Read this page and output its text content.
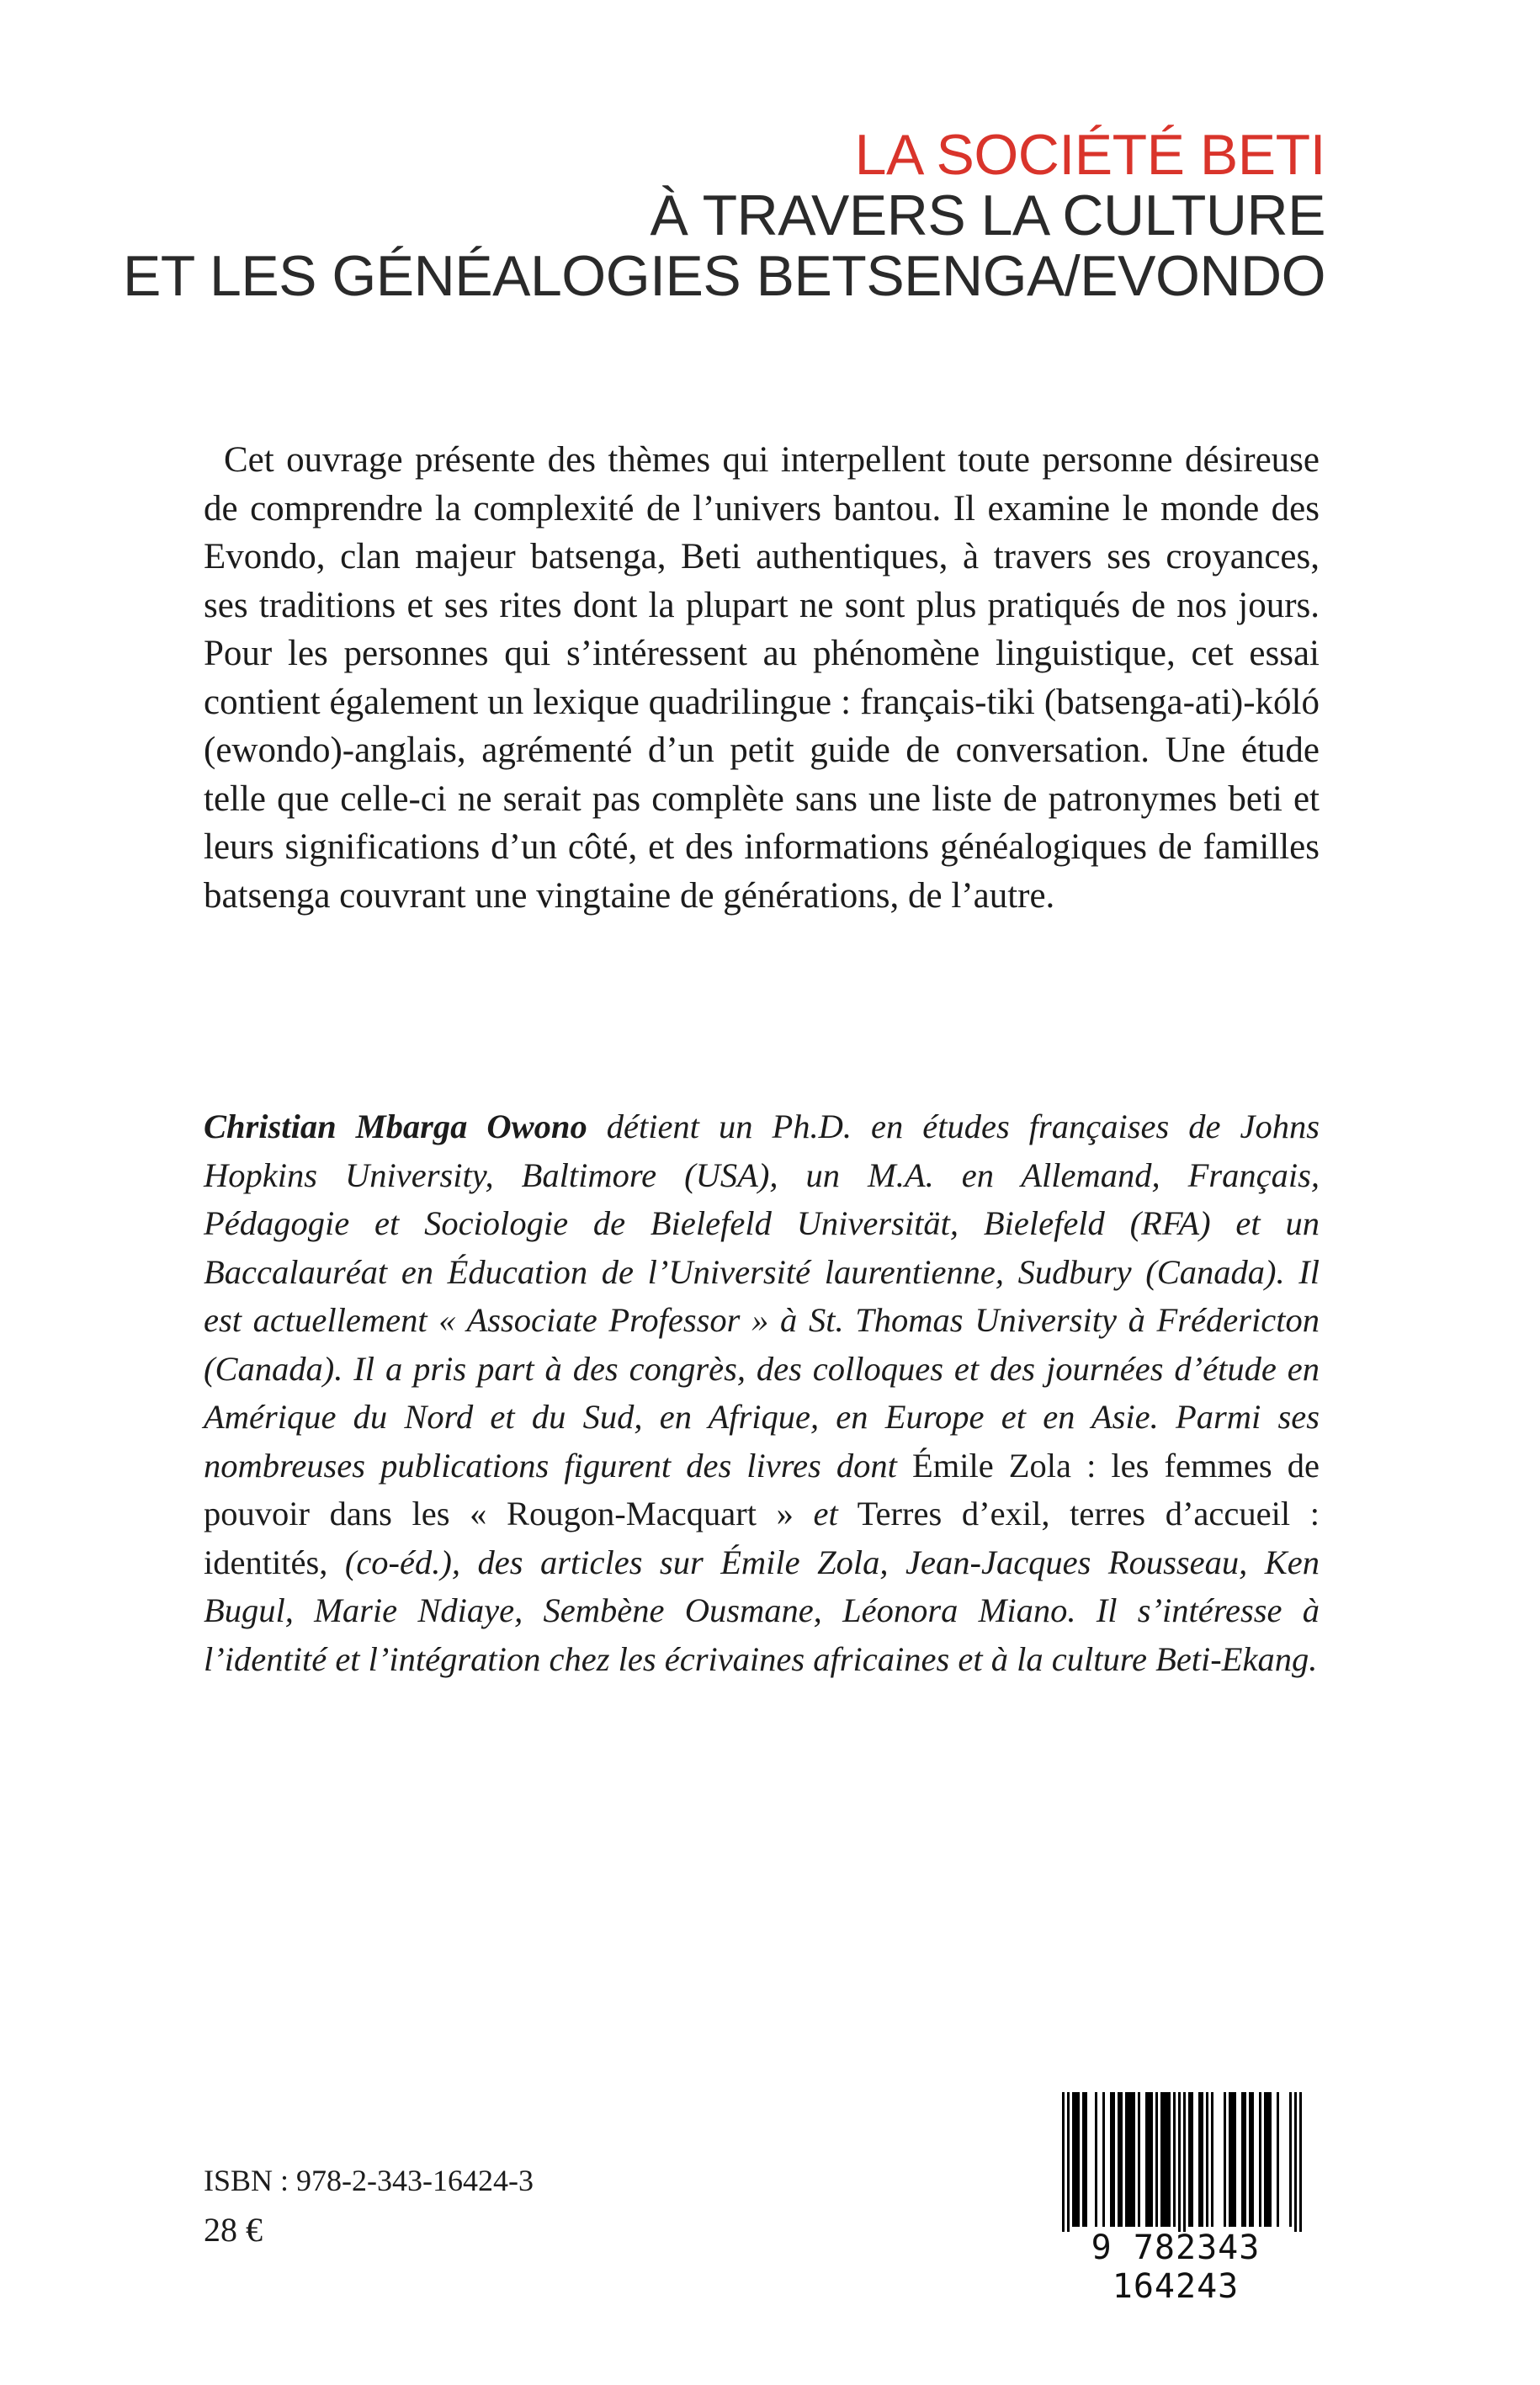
LA SOCIÉTÉ BETI
À TRAVERS LA CULTURE
ET LES GÉNÉALOGIES BETSENGA/EVONDO

Cet ouvrage présente des thèmes qui interpellent toute personne désireuse de comprendre la complexité de l’univers bantou. Il examine le monde des Evondo, clan majeur batsenga, Beti authentiques, à travers ses croyances, ses traditions et ses rites dont la plupart ne sont plus pratiqués de nos jours. Pour les personnes qui s’intéressent au phénomène linguistique, cet essai contient également un lexique quadrilingue : français-tiki (batsenga-ati)-kóló (ewondo)-anglais, agrémenté d’un petit guide de conversation. Une étude telle que celle-ci ne serait pas complète sans une liste de patronymes beti et leurs significations d’un côté, et des informations généalogiques de familles batsenga couvrant une vingtaine de générations, de l’autre.

Christian Mbarga Owono détient un Ph.D. en études françaises de Johns Hopkins University, Baltimore (USA), un M.A. en Allemand, Français, Pédagogie et Sociologie de Bielefeld Universität, Bielefeld (RFA) et un Baccalauréat en Éducation de l’Université laurentienne, Sudbury (Canada). Il est actuellement « Associate Professor » à St. Thomas University à Frédericton (Canada). Il a pris part à des congrès, des colloques et des journées d’étude en Amérique du Nord et du Sud, en Afrique, en Europe et en Asie. Parmi ses nombreuses publications figurent des livres dont Émile Zola : les femmes de pouvoir dans les « Rougon-Macquart » et Terres d’exil, terres d’accueil : identités, (co-éd.), des articles sur Émile Zola, Jean-Jacques Rousseau, Ken Bugul, Marie Ndiaye, Sembène Ousmane, Léonora Miano. Il s’intéresse à l’identité et l’intégration chez les écrivaines africaines et à la culture Beti-Ekang.

ISBN : 978-2-343-16424-3
28 €	9 782343 164243
